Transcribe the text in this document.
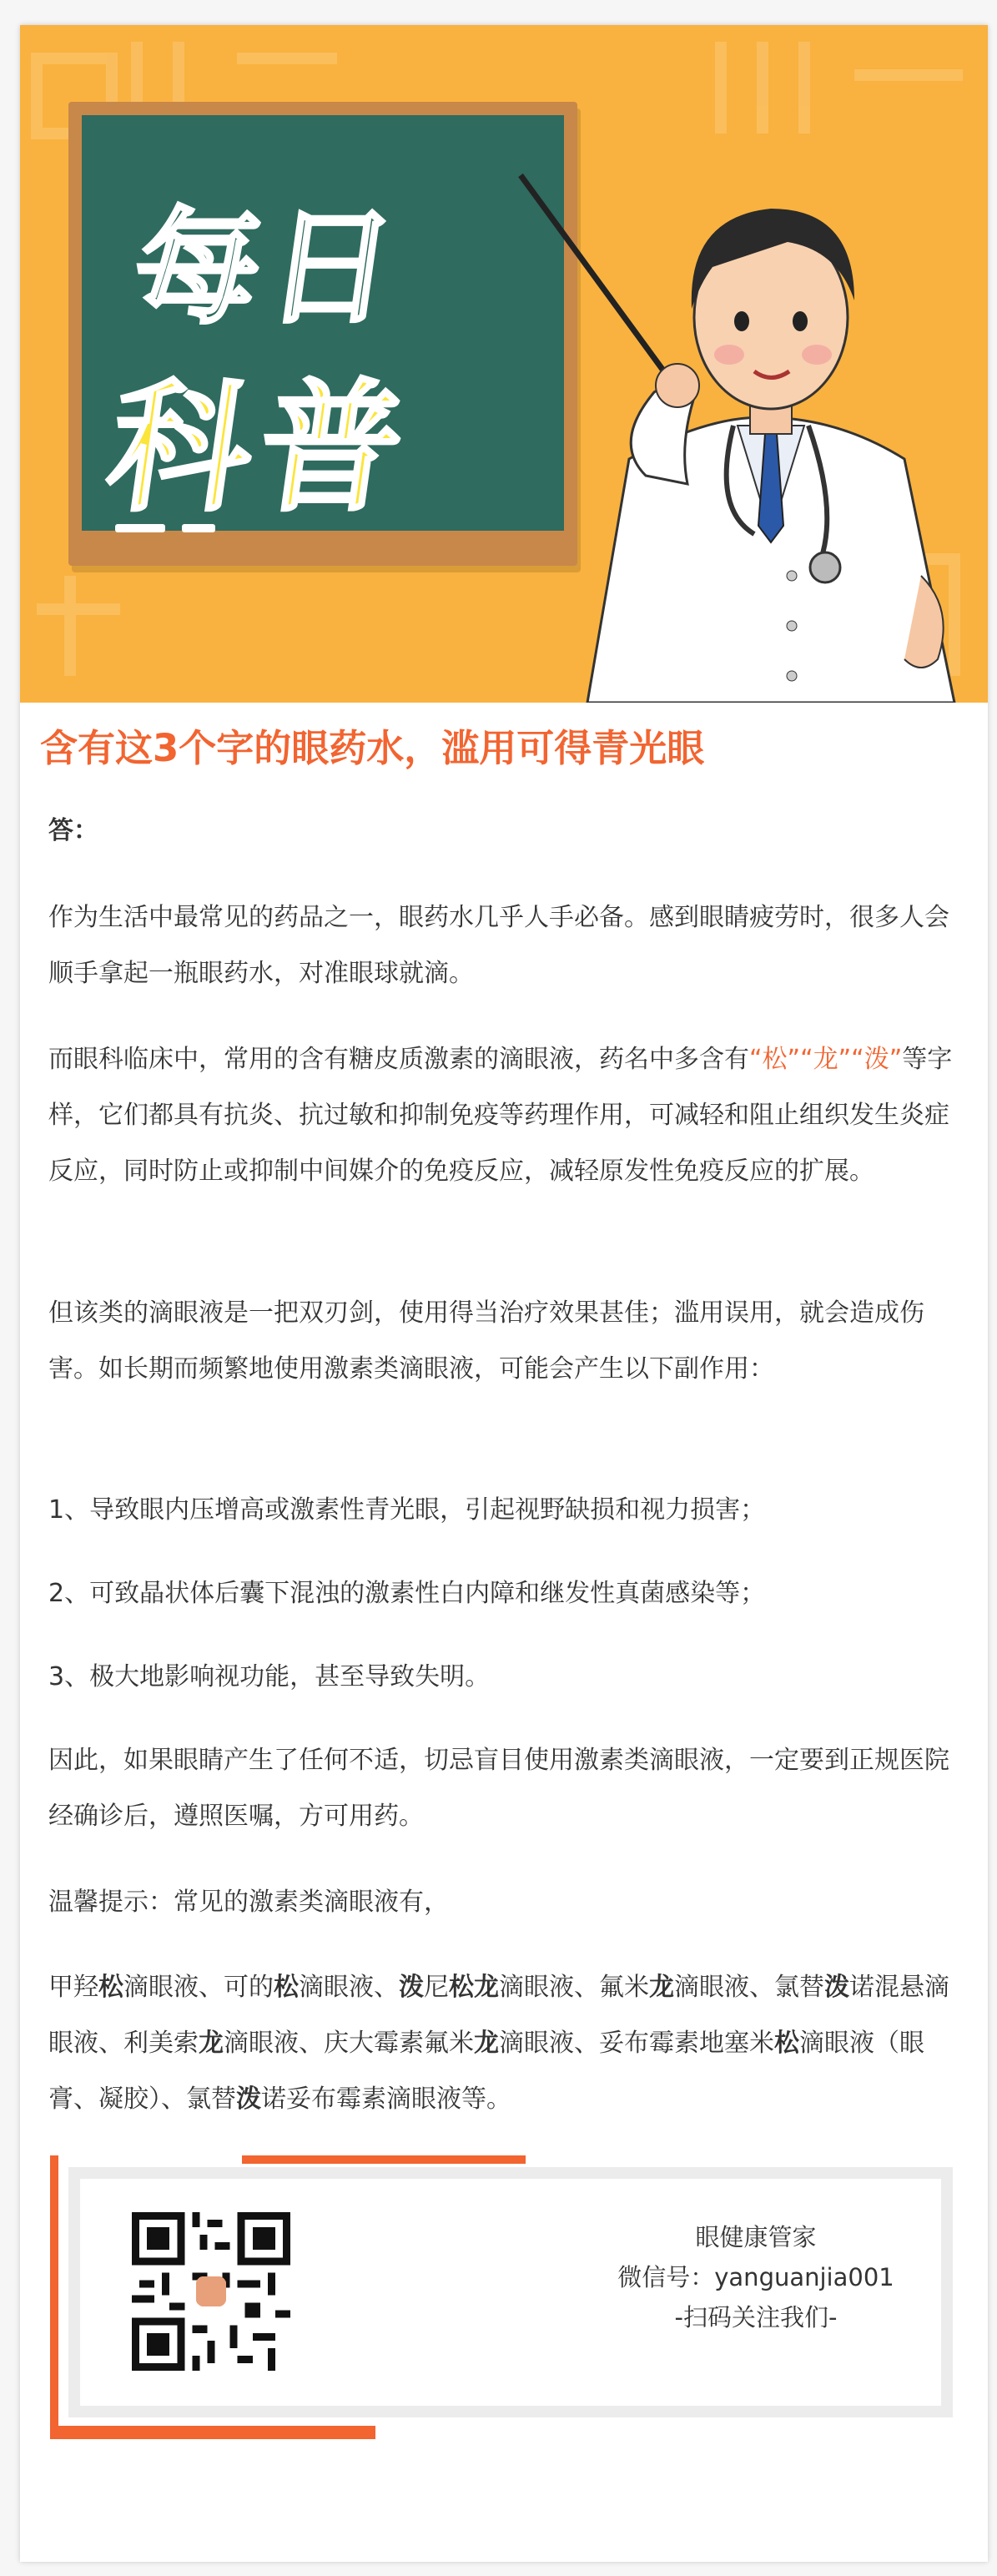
每日
科普
含有这3个字的眼药水，滥用可得青光眼
答：
作为生活中最常见的药品之一，眼药水几乎人手必备。感到眼睛疲劳时，很多人会顺手拿起一瓶眼药水，对准眼球就滴。
而眼科临床中，常用的含有糖皮质激素的滴眼液，药名中多含有“松”“龙”“泼”等字样，它们都具有抗炎、抗过敏和抑制免疫等药理作用，可减轻和阻止组织发生炎症反应，同时防止或抑制中间媒介的免疫反应，减轻原发性免疫反应的扩展。
但该类的滴眼液是一把双刃剑，使用得当治疗效果甚佳；滥用误用，就会造成伤害。如长期而频繁地使用激素类滴眼液，可能会产生以下副作用：
1、导致眼内压增高或激素性青光眼，引起视野缺损和视力损害；
2、可致晶状体后囊下混浊的激素性白内障和继发性真菌感染等；
3、极大地影响视功能，甚至导致失明。
因此，如果眼睛产生了任何不适，切忌盲目使用激素类滴眼液，一定要到正规医院经确诊后，遵照医嘱，方可用药。
温馨提示：常见的激素类滴眼液有，
甲羟松滴眼液、可的松滴眼液、泼尼松龙滴眼液、氟米龙滴眼液、氯替泼诺混悬滴眼液、利美索龙滴眼液、庆大霉素氟米龙滴眼液、妥布霉素地塞米松滴眼液（眼膏、凝胶）、氯替泼诺妥布霉素滴眼液等。
眼健康管家
微信号：yanguanjia001
-扫码关注我们-
